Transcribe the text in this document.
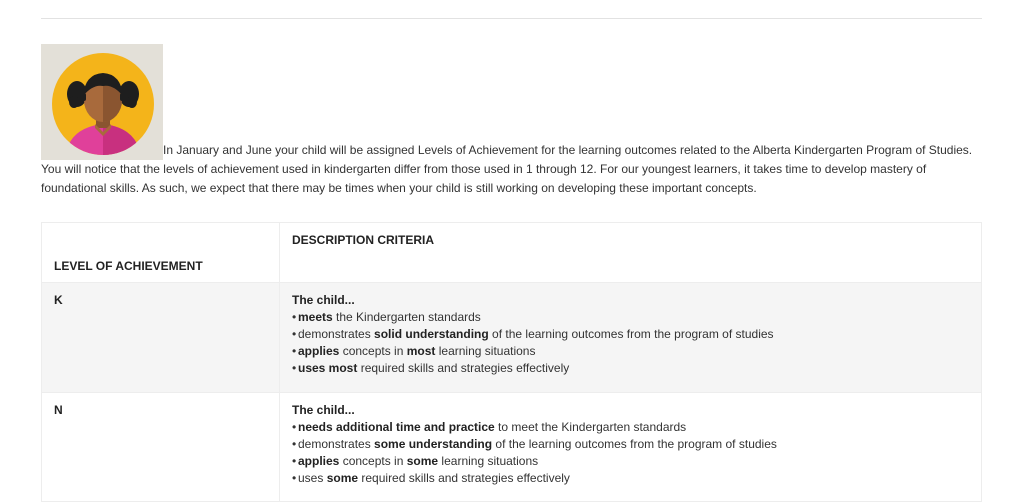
In January and June your child will be assigned Levels of Achievement for the learning outcomes related to the Alberta Kindergarten Program of Studies. You will notice that the levels of achievement used in kindergarten differ from those used in 1 through 12. For our youngest learners, it takes time to develop mastery of foundational skills. As such, we expect that there may be times when your child is still working on developing these important concepts.
LEVEL OF ACHIEVEMENT	DESCRIPTION CRITERIA
K	The child...
• meets the Kindergarten standards
• demonstrates solid understanding of the learning outcomes from the program of studies
• applies concepts in most learning situations
• uses most required skills and strategies effectively

N	The child...
• needs additional time and practice to meet the Kindergarten standards
• demonstrates some understanding of the learning outcomes from the program of studies
• applies concepts in some learning situations
• uses some required skills and strategies effectively
